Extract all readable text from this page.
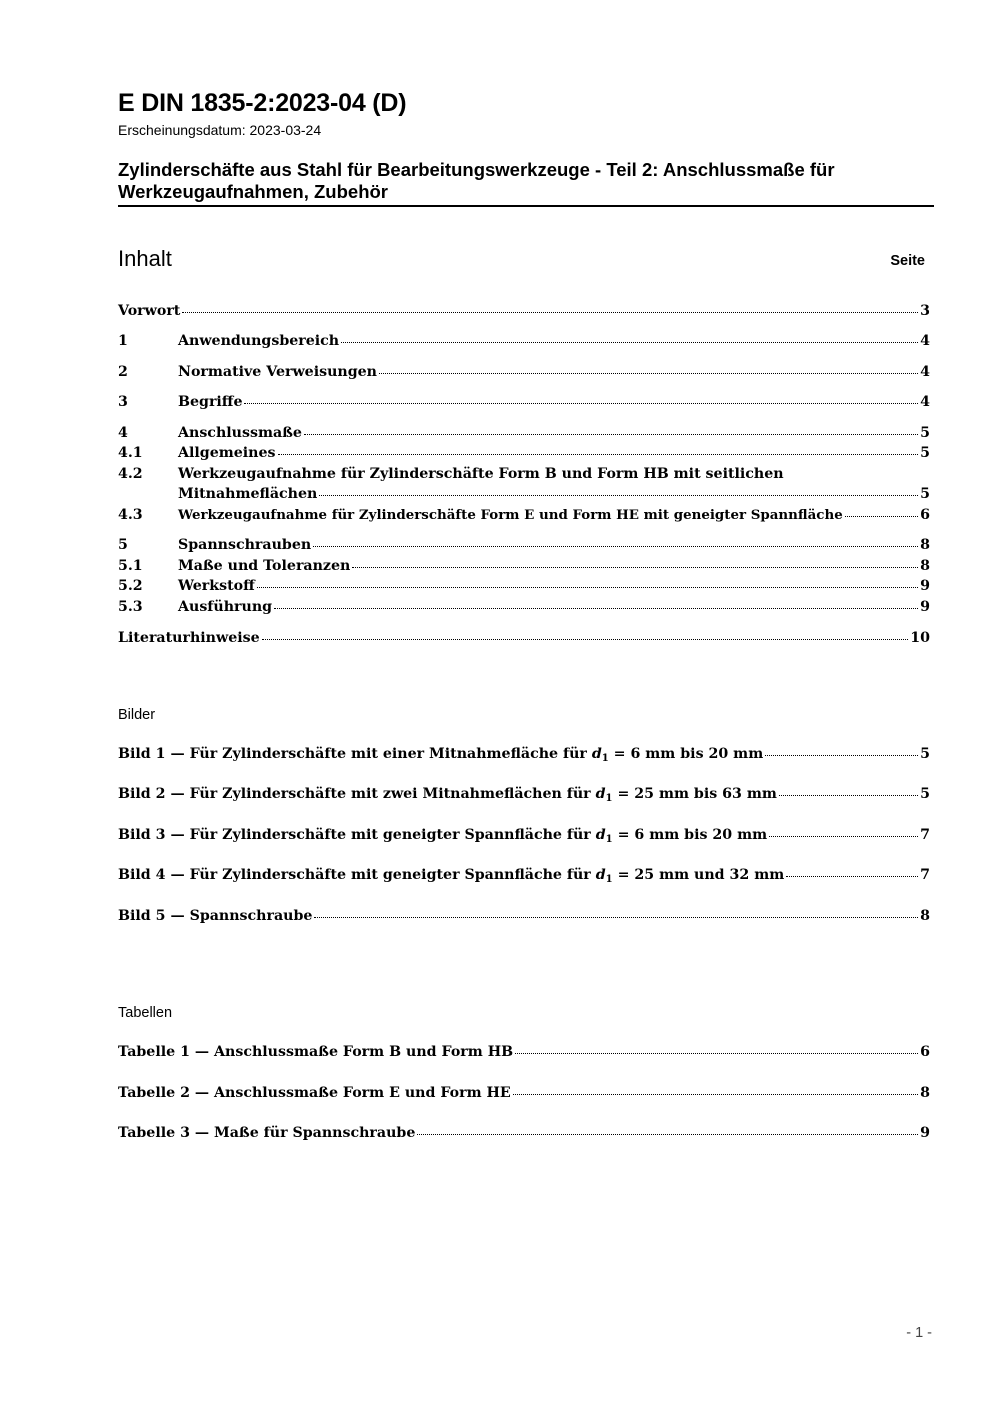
E DIN 1835-2:2023-04 (D)
Erscheinungsdatum: 2023-03-24
Zylinderschäfte aus Stahl für Bearbeitungswerkzeuge - Teil 2: Anschlussmaße für Werkzeugaufnahmen, Zubehör
Inhalt	Seite
Vorwort	3
1	Anwendungsbereich	4
2	Normative Verweisungen	4
3	Begriffe	4
4	Anschlussmaße	5
4.1	Allgemeines	5
4.2	Werkzeugaufnahme für Zylinderschäfte Form B und Form HB mit seitlichen
Mitnahmeflächen	5
4.3	Werkzeugaufnahme für Zylinderschäfte Form E und Form HE mit geneigter Spannfläche	6
5	Spannschrauben	8
5.1	Maße und Toleranzen	8
5.2	Werkstoff	9
5.3	Ausführung	9
Literaturhinweise	10
Bilder
Bild 1 — Für Zylinderschäfte mit einer Mitnahmefläche für $d_1 = 6$ mm bis 20 mm	5
Bild 2 — Für Zylinderschäfte mit zwei Mitnahmeflächen für $d_1 = 25$ mm bis 63 mm	5
Bild 3 — Für Zylinderschäfte mit geneigter Spannfläche für $d_1 = 6$ mm bis 20 mm	7
Bild 4 — Für Zylinderschäfte mit geneigter Spannfläche für $d_1 = 25$ mm und 32 mm	7
Bild 5 — Spannschraube	8
Tabellen
Tabelle 1 — Anschlussmaße Form B und Form HB	6
Tabelle 2 — Anschlussmaße Form E und Form HE	8
Tabelle 3 — Maße für Spannschraube	9
- 1 -
